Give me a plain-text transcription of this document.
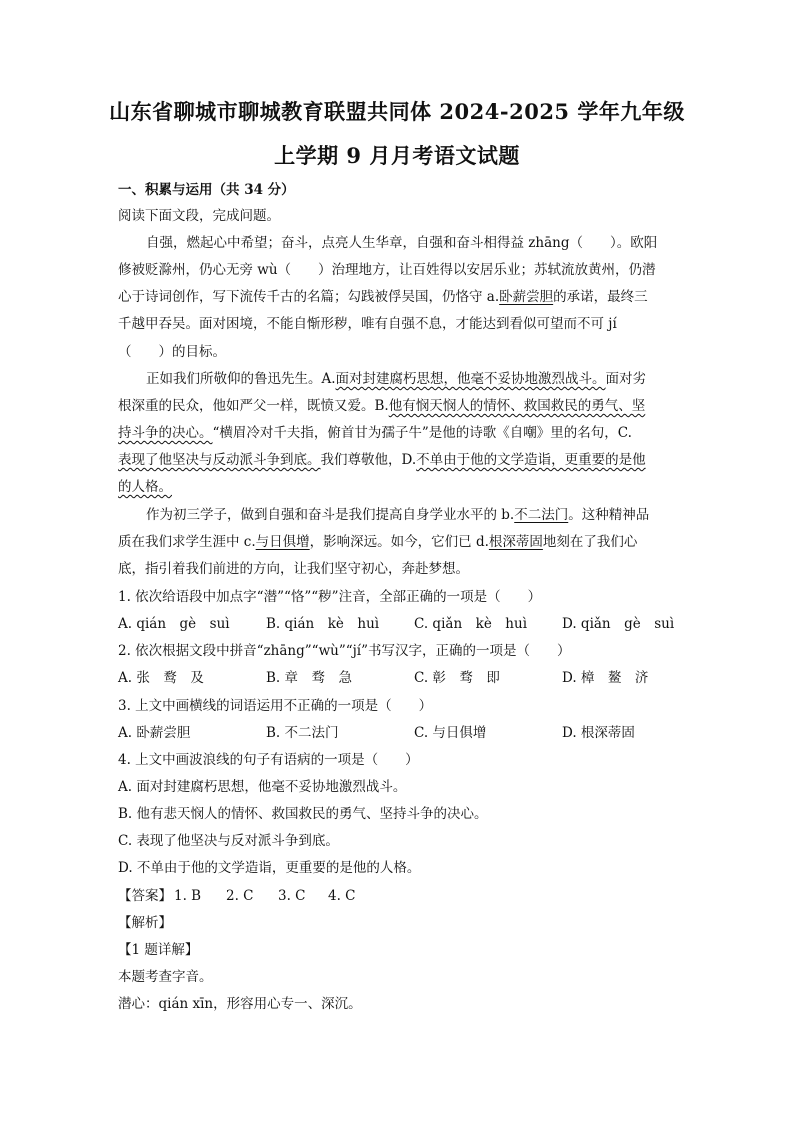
山东省聊城市聊城教育联盟共同体 2024-2025 学年九年级
上学期 9 月月考语文试题
一、积累与运用（共 34 分）
阅读下面文段，完成问题。
自强，燃起心中希望；奋斗，点亮人生华章，自强和奋斗相得益 zhāng（　　）。欧阳
修被贬滁州，仍心无旁 wù（　　）治理地方，让百姓得以安居乐业；苏轼流放黄州，仍潜
心于诗词创作，写下流传千古的名篇；勾践被俘吴国，仍恪守 a.卧薪尝胆的承诺，最终三
千越甲吞吴。面对困境，不能自惭形秽，唯有自强不息，才能达到看似可望而不可 jí
（　　）的目标。
正如我们所敬仰的鲁迅先生。A.面对封建腐朽思想，他毫不妥协地激烈战斗。面对劣
根深重的民众，他如严父一样，既愤又爱。B.他有悯天悯人的情怀、救国救民的勇气、坚
持斗争的决心。“横眉冷对千夫指，俯首甘为孺子牛”是他的诗歌《自嘲》里的名句，C.
表现了他坚决与反动派斗争到底。我们尊敬他，D.不单由于他的文学造诣，更重要的是他
的人格。
作为初三学子，做到自强和奋斗是我们提高自身学业水平的 b.不二法门。这种精神品
质在我们求学生涯中 c.与日俱增，影响深远。如今，它们已 d.根深蒂固地刻在了我们心
底，指引着我们前进的方向，让我们坚守初心，奔赴梦想。
1. 依次给语段中加点字“潜”“恪”“秽”注音，全部正确的一项是（　　）
A. qián　gè　suì	B. qián　kè　huì	C. qiǎn　kè　huì	D. qiǎn　gè　suì
2. 依次根据文段中拼音“zhāng”“wù”“jí”书写汉字，正确的一项是（　　）
A. 张　鹜　及	B. 章　骛　急	C. 彰　骛　即	D. 樟　鳌　济
3. 上文中画横线的词语运用不正确的一项是（　　）
A. 卧薪尝胆	B. 不二法门	C. 与日俱增	D. 根深蒂固
4. 上文中画波浪线的句子有语病的一项是（　　）
A. 面对封建腐朽思想，他毫不妥协地激烈战斗。
B. 他有悲天悯人的情怀、救国救民的勇气、坚持斗争的决心。
C. 表现了他坚决与反对派斗争到底。
D. 不单由于他的文学造诣，更重要的是他的人格。
【答案】 1. B 2. C 3. C 4. C
【解析】
【1 题详解】
本题考查字音。
潜心：qián xīn，形容用心专一、深沉。
